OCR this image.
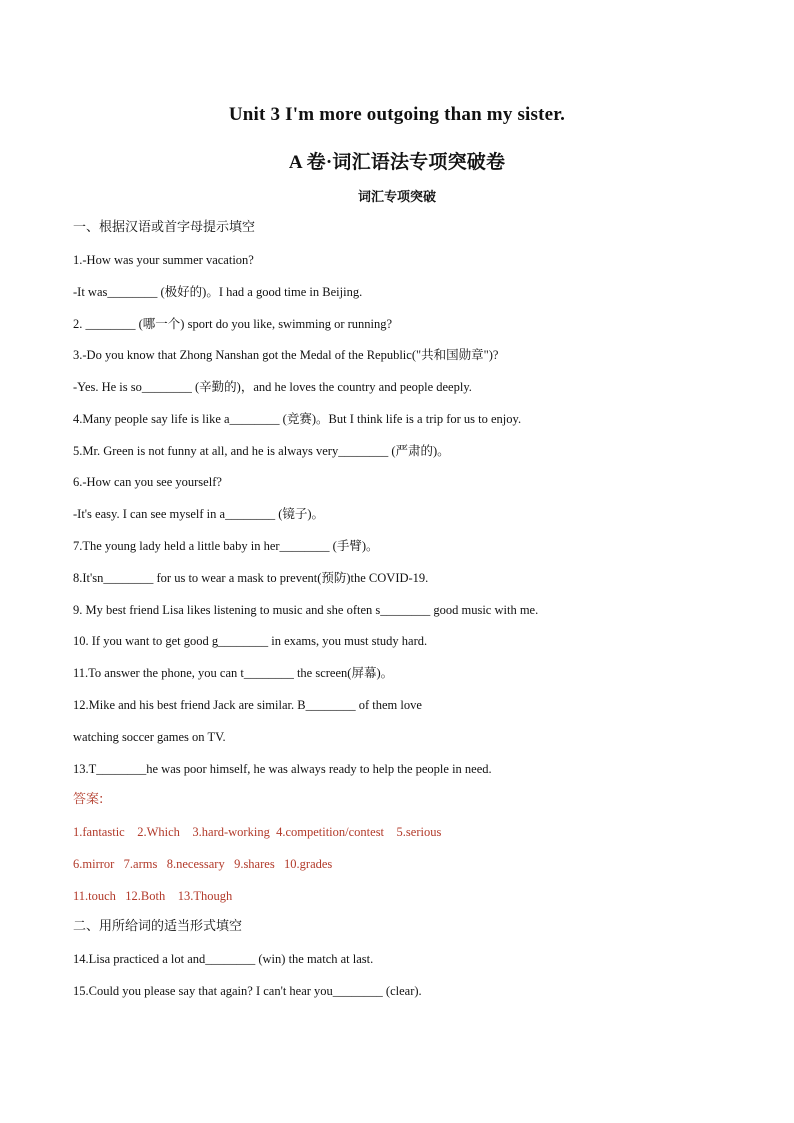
Unit 3 I'm more outgoing than my sister.
A 卷·词汇语法专项突破卷
词汇专项突破
一、根据汉语或首字母提示填空
1.-How was your summer vacation?
-It was________ (极好的)。I had a good time in Beijing.
2. ________ (哪一个) sport do you like, swimming or running?
3.-Do you know that Zhong Nanshan got the Medal of the Republic("共和国勋章")?
-Yes. He is so________ (辛勤的)，and he loves the country and people deeply.
4.Many people say life is like a________ (竞赛)。But I think life is a trip for us to enjoy.
5.Mr. Green is not funny at all, and he is always very________ (严肃的)。
6.-How can you see yourself?
-It's easy. I can see myself in a________ (镜子)。
7.The young lady held a little baby in her________ (手臂)。
8.It'sn________ for us to wear a mask to prevent(预防)the COVID-19.
9. My best friend Lisa likes listening to music and she often s________ good music with me.
10. If you want to get good g________ in exams, you must study hard.
11.To answer the phone, you can t________ the screen(屏幕)。
12.Mike and his best friend Jack are similar. B________ of them love
watching soccer games on TV.
13.T________he was poor himself, he was always ready to help the people in need.
答案:
1.fantastic    2.Which    3.hard-working  4.competition/contest    5.serious
6.mirror   7.arms   8.necessary   9.shares   10.grades
11.touch   12.Both    13.Though
二、用所给词的适当形式填空
14.Lisa practiced a lot and________ (win) the match at last.
15.Could you please say that again? I can't hear you________ (clear).
